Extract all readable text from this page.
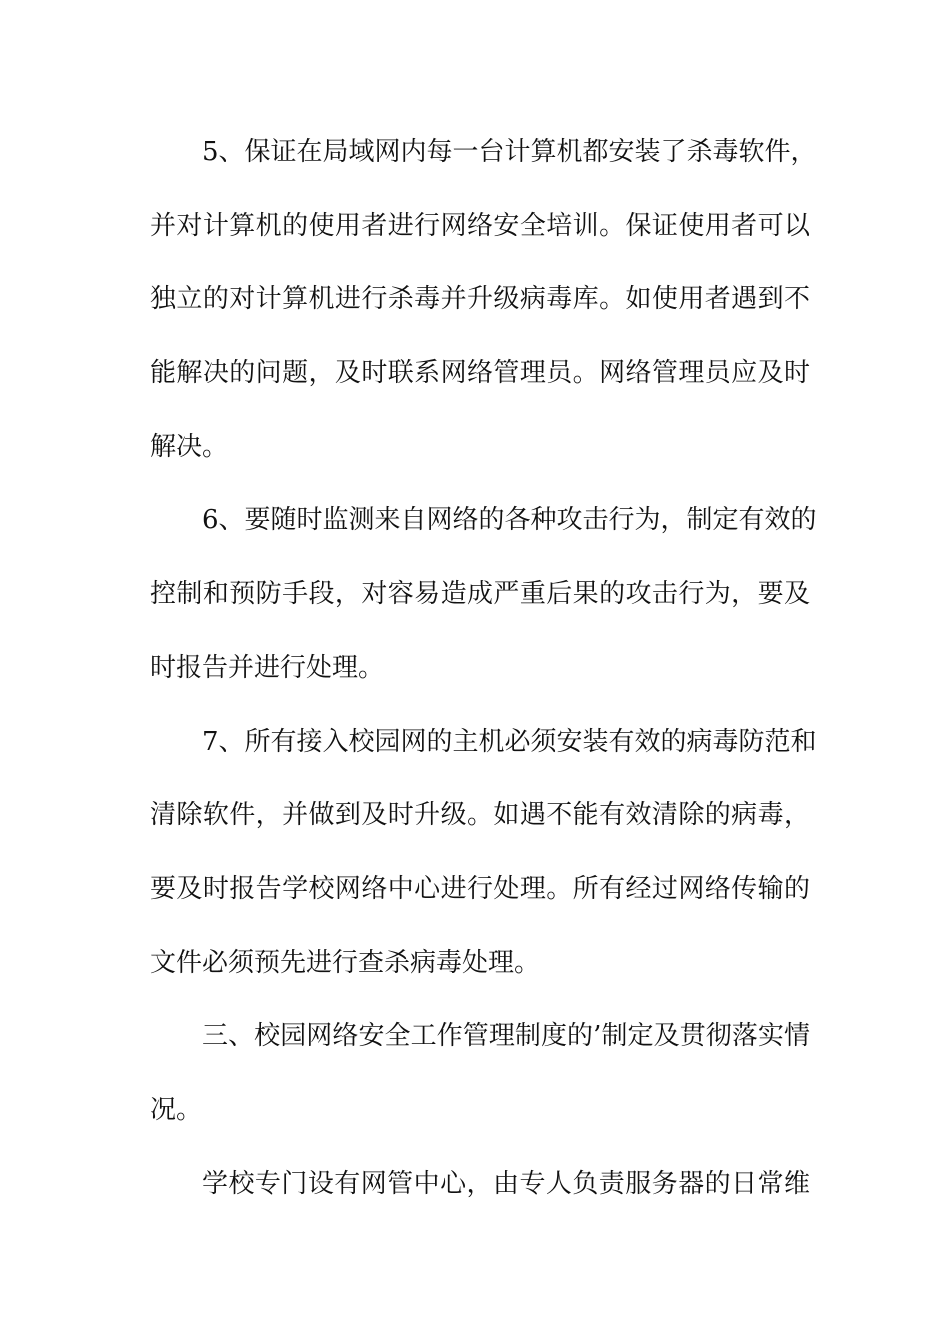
5、保证在局域网内每一台计算机都安装了杀毒软件，
并对计算机的使用者进行网络安全培训。保证使用者可以
独立的对计算机进行杀毒并升级病毒库。如使用者遇到不
能解决的问题，及时联系网络管理员。网络管理员应及时
解决。
6、要随时监测来自网络的各种攻击行为，制定有效的
控制和预防手段，对容易造成严重后果的攻击行为，要及
时报告并进行处理。
7、所有接入校园网的主机必须安装有效的病毒防范和
清除软件，并做到及时升级。如遇不能有效清除的病毒，
要及时报告学校网络中心进行处理。所有经过网络传输的
文件必须预先进行查杀病毒处理。
三、校园网络安全工作管理制度的’制定及贯彻落实情
况。
学校专门设有网管中心，由专人负责服务器的日常维
